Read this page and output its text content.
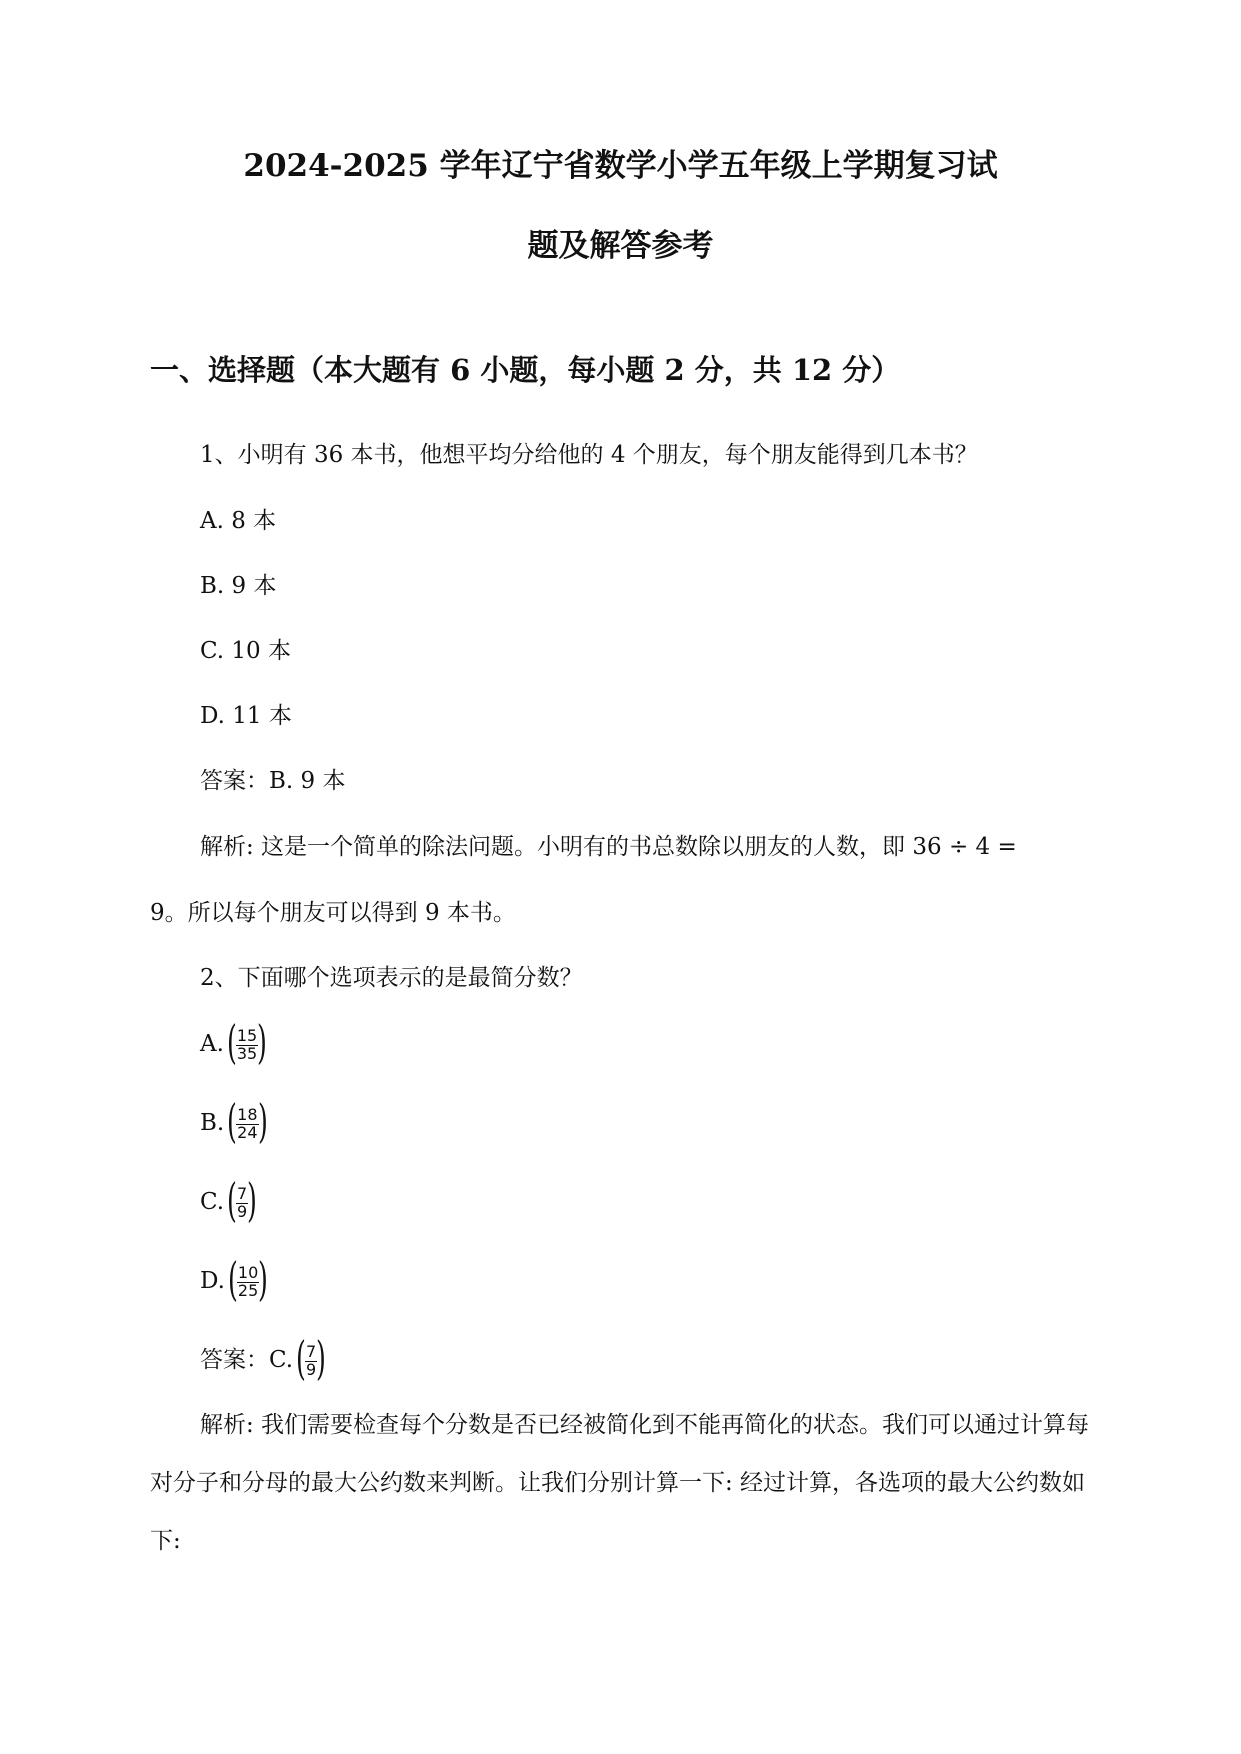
2024-2025 学年辽宁省数学小学五年级上学期复习试
题及解答参考
一、选择题（本大题有 6 小题，每小题 2 分，共 12 分）
1、小明有 36 本书，他想平均分给他的 4 个朋友，每个朋友能得到几本书？
A. 8 本
B. 9 本
C. 10 本
D. 11 本
答案：B. 9 本
解析: 这是一个简单的除法问题。小明有的书总数除以朋友的人数，即 36 ÷ 4 =
9。所以每个朋友可以得到 9 本书。
2、下面哪个选项表示的是最简分数？
A. ( $\frac{15}{35}$ )
B. ( $\frac{18}{24}$ )
C. ( $\frac{7}{9}$ )
D. ( $\frac{10}{25}$ )
答案：C. ( $\frac{7}{9}$ )
解析: 我们需要检查每个分数是否已经被简化到不能再简化的状态。我们可以通过计算每对分子和分母的最大公约数来判断。让我们分别计算一下: 经过计算，各选项的最大公约数如下:
